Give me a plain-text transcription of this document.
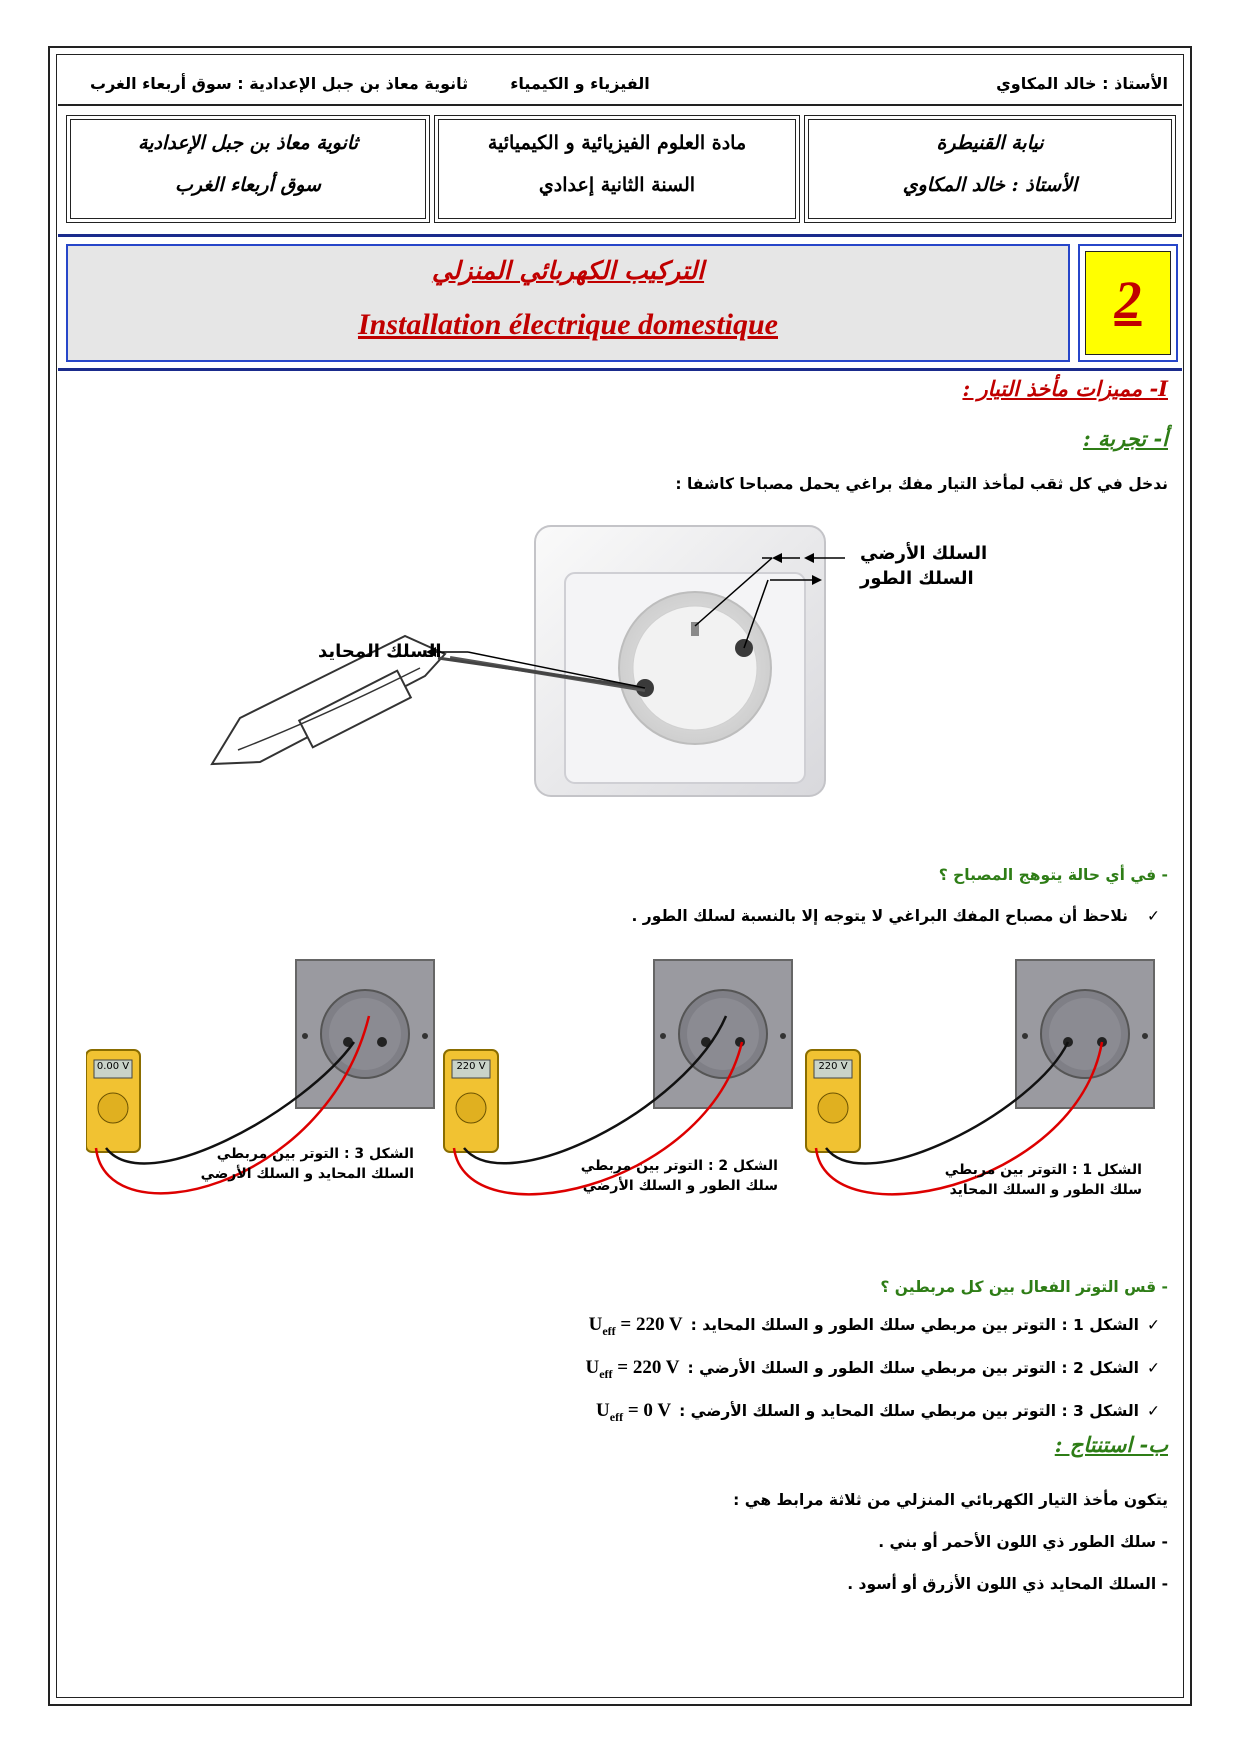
الأستاذ : خالد المكاوي
الفيزياء و الكيمياء
ثانوية معاذ بن جبل الإعدادية : سوق أربعاء الغرب
نيابة القنيطرة
الأستاذ : خالد المكاوي
مادة العلوم الفيزيائية و الكيميائية
السنة الثانية إعدادي
ثانوية معاذ بن جبل الإعدادية
سوق أربعاء الغرب
التركيب الكهربائي المنزلي
Installation électrique domestique	2
I- مميزات مأخذ التيار :
أ- تجربة :
ندخل في كل ثقب لمأخذ التيار مفك براغي يحمل مصباحا كاشفا :
السلك الأرضي
السلك الطور
السلك المحايد
- في أي حالة يتوهج المصباح ؟
نلاحظ أن مصباح المفك البراغي لا يتوجه إلا بالنسبة لسلك الطور . ✓
0.00 V	220 V	220 V
الشكل 3 : التوتر بين مربطي
السلك المحايد و السلك الأرضي	الشكل 2 : التوتر بين مربطي
سلك الطور و السلك الأرضي
الشكل 1 : التوتر بين مربطي
سلك الطور و السلك المحايد
- قس التوتر الفعال بين كل مربطين ؟
✓
الشكل 1 : التوتر بين مربطي سلك الطور و السلك المحايد :
$U_{eff} = 220$ V
✓
الشكل 2 : التوتر بين مربطي سلك الطور و السلك الأرضي :
$U_{eff} = 220$ V
✓
الشكل 3 : التوتر بين مربطي سلك المحايد و السلك الأرضي :
$U_{eff} = 0$ V
ب- استنتاج :
يتكون مأخذ التيار الكهربائي المنزلي من ثلاثة مرابط هي :
- سلك الطور ذي اللون الأحمر أو بني .
- السلك المحايد ذي اللون الأزرق أو أسود .
